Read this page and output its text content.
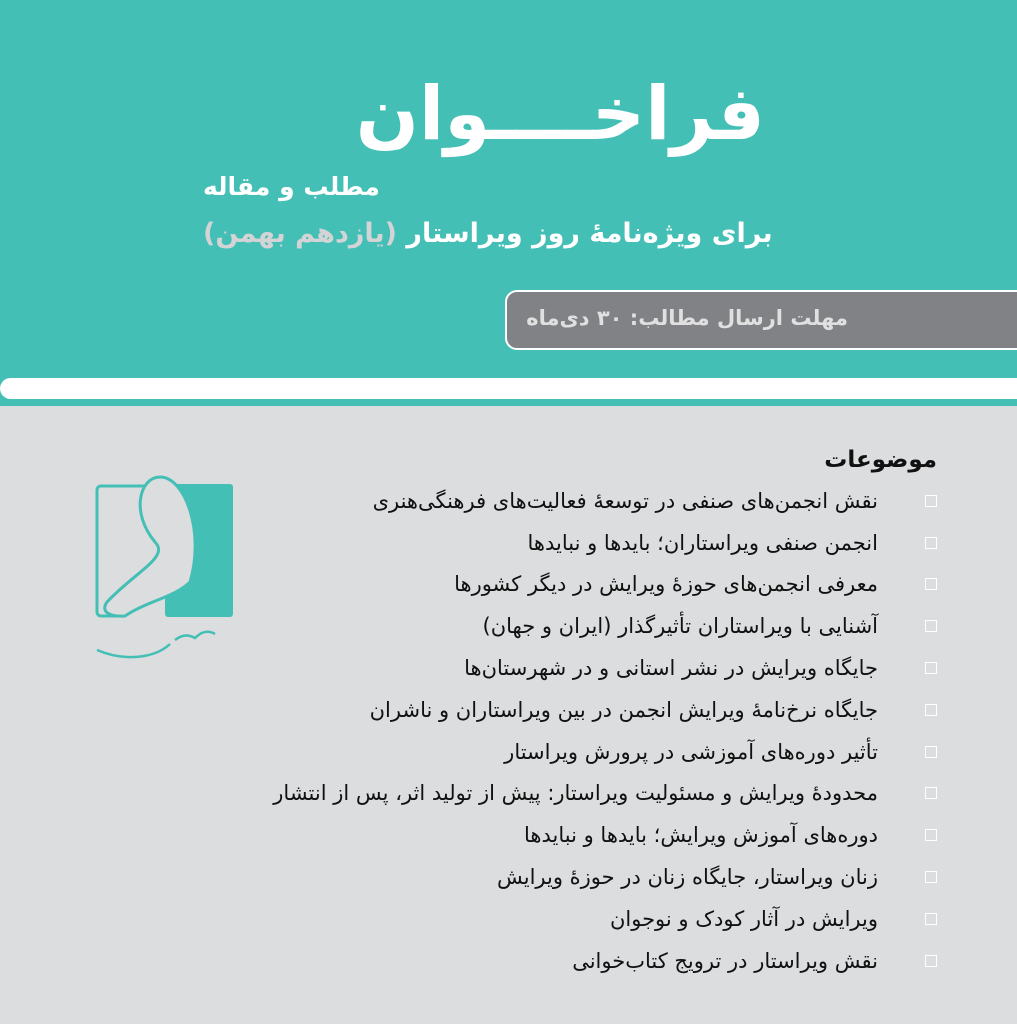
فراخــــوان
مطلب و مقاله
برای ویژه‌نامهٔ روز ویراستار (یازدهم بهمن)
مهلت ارسال مطالب: ۳۰ دی‌ماه
موضوعات
نقش انجمن‌های صنفی در توسعهٔ فعالیت‌های فرهنگی‌هنری
انجمن صنفی ویراستاران؛ بایدها و نبایدها
معرفی انجمن‌های حوزهٔ ویرایش در دیگر کشورها
آشنایی با ویراستاران تأثیرگذار (ایران و جهان)
جایگاه ویرایش در نشر استانی و در شهرستان‌ها
جایگاه نرخ‌نامهٔ ویرایش انجمن در بین ویراستاران و ناشران
تأثیر دوره‌های آموزشی در پرورش ویراستار
محدودهٔ ویرایش و مسئولیت ویراستار: پیش از تولید اثر، پس از انتشار
دوره‌های آموزش ویرایش؛ بایدها و نبایدها
زنان ویراستار، جایگاه زنان در حوزهٔ ویرایش
ویرایش در آثار کودک و نوجوان
نقش ویراستار در ترویج کتاب‌خوانی
